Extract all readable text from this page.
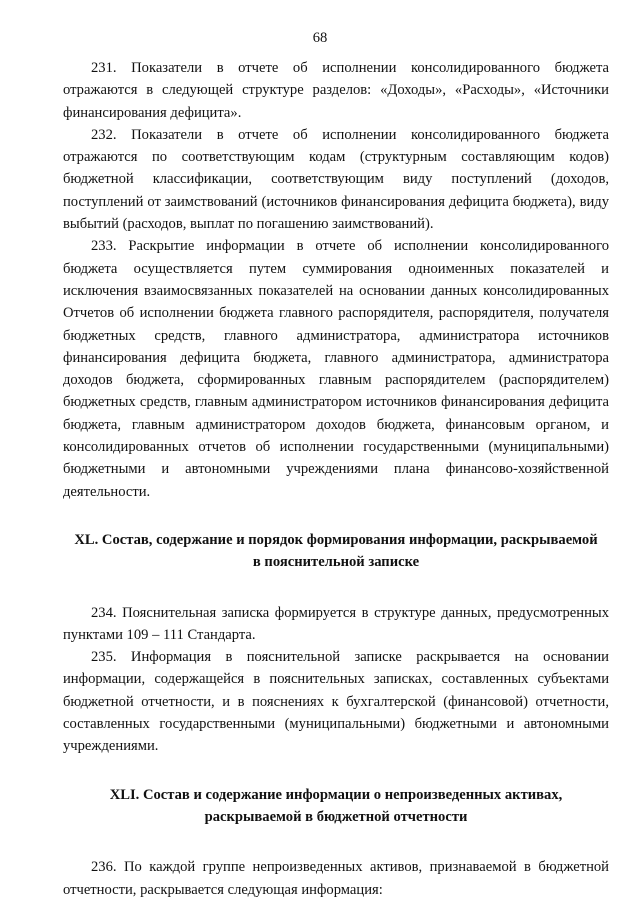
68

231. Показатели в отчете об исполнении консолидированного бюджета отражаются в следующей структуре разделов: «Доходы», «Расходы», «Источники финансирования дефицита».

232. Показатели в отчете об исполнении консолидированного бюджета отражаются по соответствующим кодам (структурным составляющим кодов) бюджетной классификации, соответствующим виду поступлений (доходов, поступлений от заимствований (источников финансирования дефицита бюджета), виду выбытий (расходов, выплат по погашению заимствований).

233. Раскрытие информации в отчете об исполнении консолидированного бюджета осуществляется путем суммирования одноименных показателей и исключения взаимосвязанных показателей на основании данных консолидированных Отчетов об исполнении бюджета главного распорядителя, распорядителя, получателя бюджетных средств, главного администратора, администратора источников финансирования дефицита бюджета, главного администратора, администратора доходов бюджета, сформированных главным распорядителем (распорядителем) бюджетных средств, главным администратором источников финансирования дефицита бюджета, главным администратором доходов бюджета, финансовым органом, и консолидированных отчетов об исполнении государственными (муниципальными) бюджетными и автономными учреждениями плана финансово-хозяйственной деятельности.

XL. Состав, содержание и порядок формирования информации, раскрываемой
в пояснительной записке

234. Пояснительная записка формируется в структуре данных, предусмотренных пунктами 109 – 111 Стандарта.

235. Информация в пояснительной записке раскрывается на основании информации, содержащейся в пояснительных записках, составленных субъектами бюджетной отчетности, и в пояснениях к бухгалтерской (финансовой) отчетности, составленных государственными (муниципальными) бюджетными и автономными учреждениями.

XLI. Состав и содержание информации о непроизведенных активах,
раскрываемой в бюджетной отчетности

236. По каждой группе непроизведенных активов, признаваемой в бюджетной отчетности, раскрывается следующая информация:
